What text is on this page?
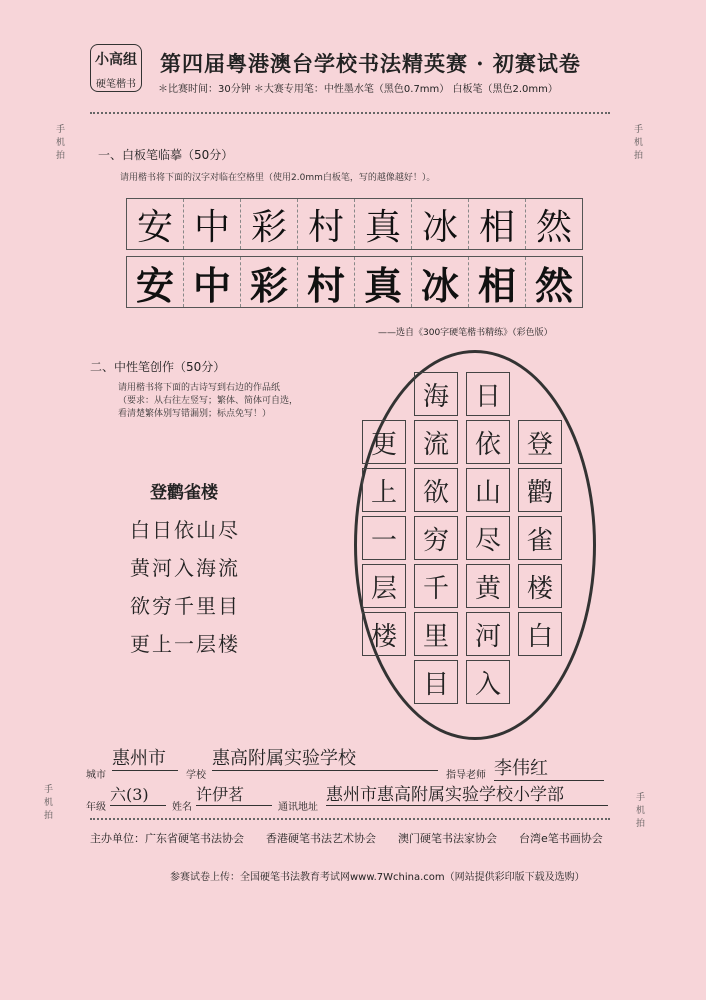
小高组
硬笔楷书
第四届粤港澳台学校书法精英赛 · 初赛试卷
＊比赛时间：30分钟 ＊大赛专用笔：中性墨水笔（黑色0.7mm） 白板笔（黑色2.0mm）
手机拍
手机拍
一、白板笔临摹（50分）
请用楷书将下面的汉字对临在空格里（使用2.0mm白板笔，写的越像越好！）。
安 中 彩 村 真 冰 相 然
安 中 彩 村 真 冰 相 然
——选自《300字硬笔楷书精练》（彩色版）
二、中性笔创作（50分）
请用楷书将下面的古诗写到右边的作品纸
（要求：从右往左竖写；繁体、简体可自选，
看清楚繁体别写错漏别；标点免写！）
登鹳雀楼
白日依山尽
黄河入海流
欲穷千里目
更上一层楼
登
鹳
雀
楼
白
日
依
山
尽
黄
河
入
海
流
欲
穷
千
里
目
更
上
一
层
楼
城市
惠州市
学校
惠高附属实验学校
指导老师 李伟红
年级
六(3)
姓名
许伊茗
通讯地址
惠州市惠高附属实验学校小学部
手机拍
手机拍
主办单位：广东省硬笔书法协会　　香港硬笔书法艺术协会　　澳门硬笔书法家协会　　台湾e笔书画协会
参赛试卷上传：全国硬笔书法教育考试网www.7Wchina.com（网站提供彩印版下载及选购）
